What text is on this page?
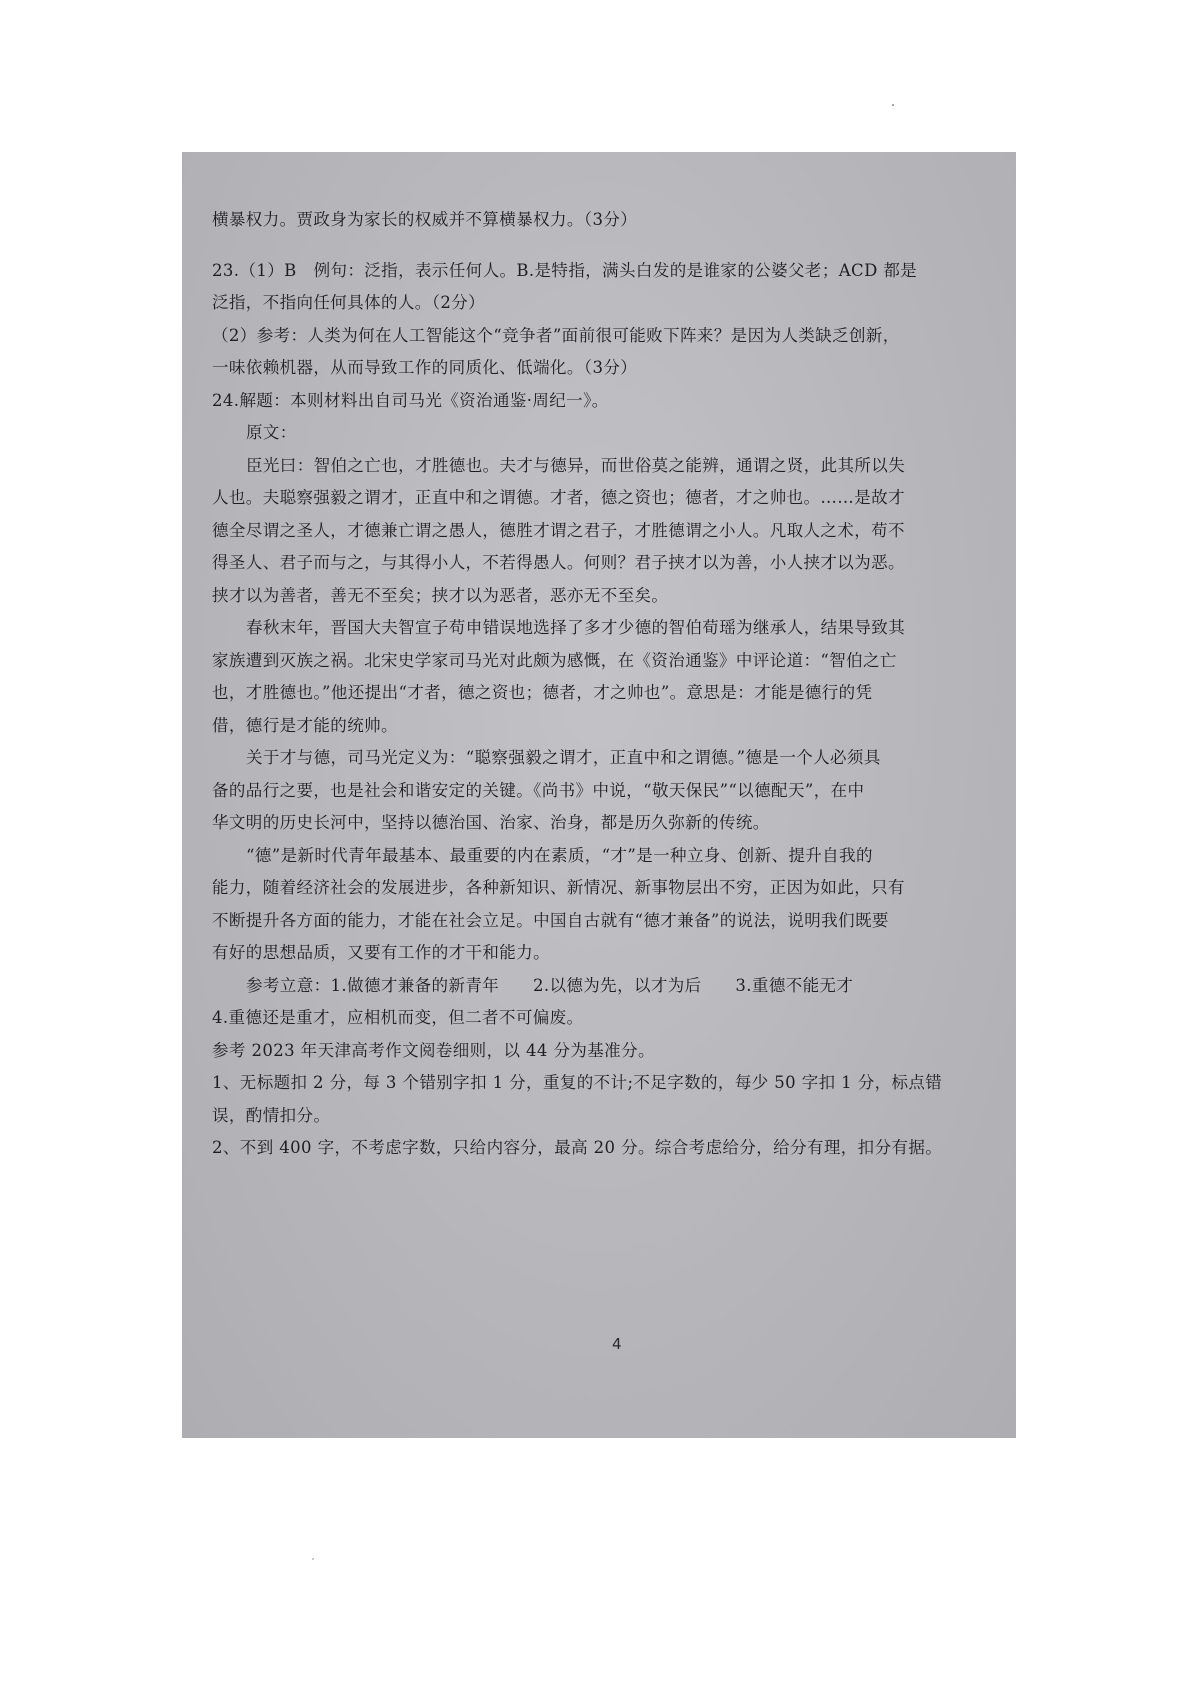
横暴权力。贾政身为家长的权威并不算横暴权力。（3分）
23.（1）B　例句：泛指，表示任何人。B.是特指，满头白发的是谁家的公婆父老；ACD 都是
泛指，不指向任何具体的人。（2分）
（2）参考：人类为何在人工智能这个“竞争者”面前很可能败下阵来？是因为人类缺乏创新，
一味依赖机器，从而导致工作的同质化、低端化。（3分）
24.解题：本则材料出自司马光《资治通鉴·周纪一》。
原文：
臣光曰：智伯之亡也，才胜德也。夫才与德异，而世俗莫之能辨，通谓之贤，此其所以失
人也。夫聪察强毅之谓才，正直中和之谓德。才者，德之资也；德者，才之帅也。……是故才
德全尽谓之圣人，才德兼亡谓之愚人，德胜才谓之君子，才胜德谓之小人。凡取人之术，苟不
得圣人、君子而与之，与其得小人，不若得愚人。何则？君子挟才以为善，小人挟才以为恶。
挟才以为善者，善无不至矣；挟才以为恶者，恶亦无不至矣。
春秋末年，晋国大夫智宣子苟申错误地选择了多才少德的智伯荀瑶为继承人，结果导致其
家族遭到灭族之祸。北宋史学家司马光对此颇为感慨，在《资治通鉴》中评论道：“智伯之亡
也，才胜德也。”他还提出“才者，德之资也；德者，才之帅也”。意思是：才能是德行的凭
借，德行是才能的统帅。
关于才与德，司马光定义为：“聪察强毅之谓才，正直中和之谓德。”德是一个人必须具
备的品行之要，也是社会和谐安定的关键。《尚书》中说，“敬天保民”“以德配天”，在中
华文明的历史长河中，坚持以德治国、治家、治身，都是历久弥新的传统。
“德”是新时代青年最基本、最重要的内在素质，“才”是一种立身、创新、提升自我的
能力，随着经济社会的发展进步，各种新知识、新情况、新事物层出不穷，正因为如此，只有
不断提升各方面的能力，才能在社会立足。中国自古就有“德才兼备”的说法，说明我们既要
有好的思想品质，又要有工作的才干和能力。
参考立意：1.做德才兼备的新青年　　2.以德为先，以才为后　　3.重德不能无才
4.重德还是重才，应相机而变，但二者不可偏废。
参考 2023 年天津高考作文阅卷细则，以 44 分为基准分。
1、无标题扣 2 分，每 3 个错别字扣 1 分，重复的不计;不足字数的，每少 50 字扣 1 分，标点错
误，酌情扣分。
2、不到 400 字，不考虑字数，只给内容分，最高 20 分。综合考虑给分，给分有理，扣分有据。
4
